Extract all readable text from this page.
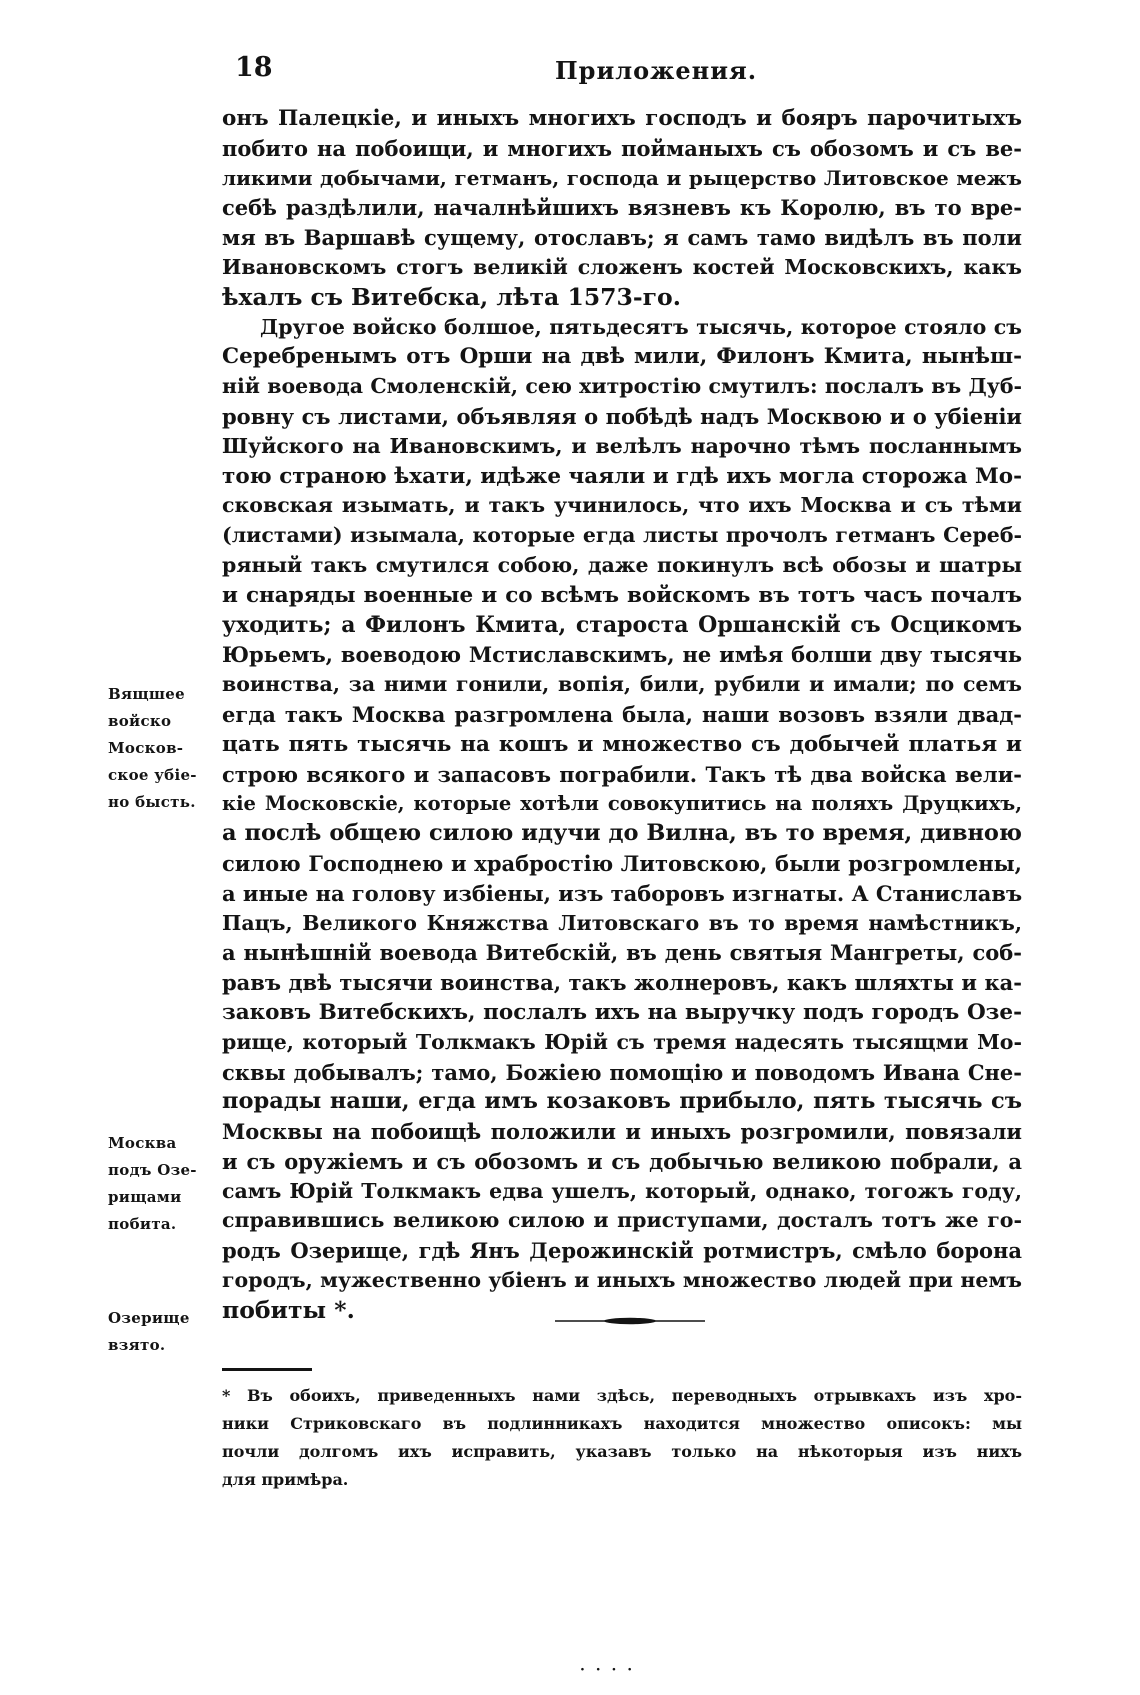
18	Приложения.
онъ Палецкіе, и иныхъ многихъ господъ и бояръ парочитыхъ
побито на побоищи, и многихъ пойманыхъ съ обозомъ и съ ве-
ликими добычами, гетманъ, господа и рыцерство Литовское межъ
себѣ раздѣлили, началнѣйшихъ вязневъ къ Королю, въ то вре-
мя въ Варшавѣ сущему, отославъ; я самъ тамо видѣлъ въ поли
Ивановскомъ стогъ великій сложенъ костей Московскихъ, какъ
ѣхалъ съ Витебска, лѣта 1573-го.
Другое войско болшое, пятьдесятъ тысячь, которое стояло съ
Серебренымъ отъ Орши на двѣ мили, Филонъ Кмита, нынѣш-
ній воевода Смоленскій, сею хитростію смутилъ: послалъ въ Дуб-
ровну съ листами, объявляя о побѣдѣ надъ Москвою и о убіеніи
Шуйского на Ивановскимъ, и велѣлъ нарочно тѣмъ посланнымъ
тою страною ѣхати, идѣже чаяли и гдѣ ихъ могла сторожа Мо-
сковская изымать, и такъ учинилось, что ихъ Москва и съ тѣми
(листами) изымала, которые егда листы прочолъ гетманъ Сереб-
ряный такъ смутился собою, даже покинулъ всѣ обозы и шатры
и снаряды военные и со всѣмъ войскомъ въ тотъ часъ почалъ
уходить; а Филонъ Кмита, староста Оршанскій съ Осцикомъ
Юрьемъ, воеводою Мстиславскимъ, не имѣя болши дву тысячь
воинства, за ними гонили, вопія, били, рубили и имали; по семъ
егда такъ Москва разгромлена была, наши возовъ взяли двад-
цать пять тысячь на кошъ и множество съ добычей платья и
строю всякого и запасовъ пограбили. Такъ тѣ два войска вели-
кіе Московскіе, которые хотѣли совокупитись на поляхъ Друцкихъ,
а послѣ общею силою идучи до Вилна, въ то время, дивною
силою Господнею и храбростію Литовскою, были розгромлены,
а иные на голову избіены, изъ таборовъ изгнаты. А Станиславъ
Пацъ, Великого Княжства Литовскаго въ то время намѣстникъ,
а нынѣшній воевода Витебскій, въ день святыя Мангреты, соб-
равъ двѣ тысячи воинства, такъ жолнеровъ, какъ шляхты и ка-
заковъ Витебскихъ, послалъ ихъ на выручку подъ городъ Озе-
рище, который Толкмакъ Юрій съ тремя надесять тысящми Мо-
сквы добывалъ; тамо, Божіею помощію и поводомъ Ивана Сне-
порады наши, егда имъ козаковъ прибыло, пять тысячь съ
Москвы на побоищѣ положили и иныхъ розгромили, повязали
и съ оружіемъ и съ обозомъ и съ добычью великою побрали, а
самъ Юрій Толкмакъ едва ушелъ, который, однако, тогожъ году,
справившись великою силою и приступами, досталъ тотъ же го-
родъ Озерище, гдѣ Янъ Дерожинскій ротмистръ, смѣло борона
городъ, мужественно убіенъ и иныхъ множество людей при немъ
побиты *.
Вящшее
войско
Москов-
ское убіе-
но бысть.
Москва
подъ Озе-
рищами
побита.
Озерище
взято.
* Въ обоихъ, приведенныхъ нами здѣсь, переводныхъ отрывкахъ изъ хро-
ники Стриковскаго въ подлинникахъ находится множество описокъ: мы
почли долгомъ ихъ исправить, указавъ только на нѣкоторыя изъ нихъ
для примѣра.
· · · ·
